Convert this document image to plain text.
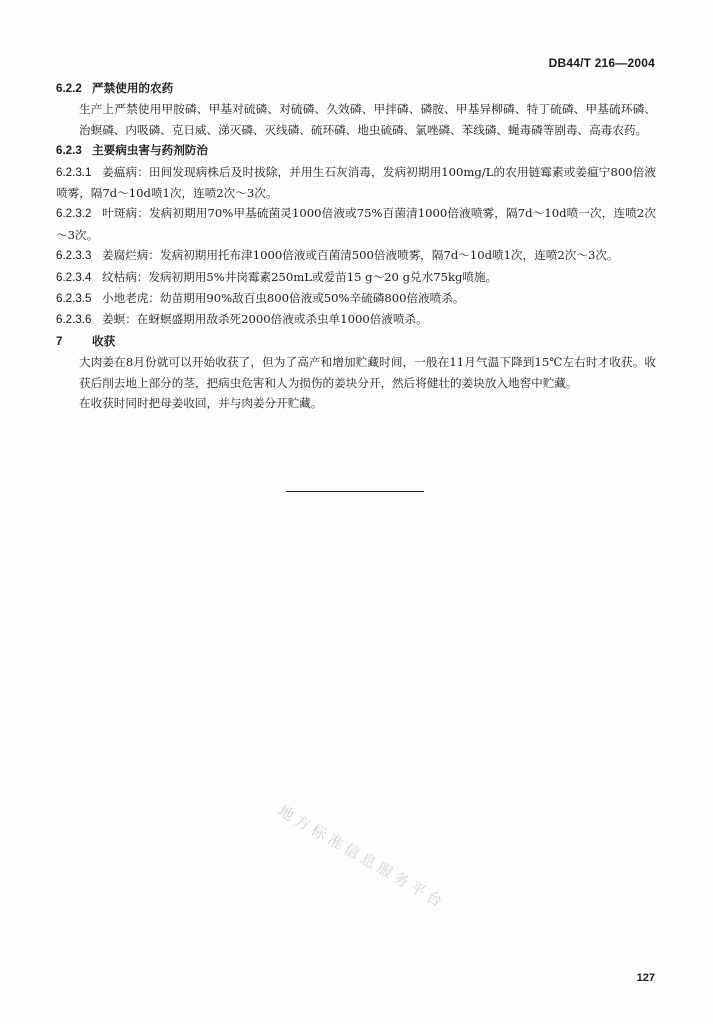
DB44/T 216—2004
6.2.2 严禁使用的农药
生产上严禁使用甲胺磷、甲基对硫磷、对硫磷、久效磷、甲拌磷、磷胺、甲基异柳磷、特丁硫磷、甲基硫环磷、治螟磷、内吸磷、克日威、涕灭磷、灭线磷、硫环磷、地虫硫磷、氯唑磷、苯线磷、蝇毒磷等剧毒、高毒农药。
6.2.3 主要病虫害与药剂防治
6.2.3.1 姜瘟病：田间发现病株后及时拔除，并用生石灰消毒，发病初期用100mg/L的农用链霉素或姜瘟宁800倍液喷雾，隔7d～10d喷1次，连喷2次～3次。
6.2.3.2 叶斑病：发病初期用70%甲基硫菌灵1000倍液或75%百菌清1000倍液喷雾，隔7d～10d喷一次，连喷2次～3次。
6.2.3.3 姜腐烂病：发病初期用托布津1000倍液或百菌清500倍液喷雾，隔7d～10d喷1次，连喷2次～3次。
6.2.3.4 纹枯病：发病初期用5%井岗霉素250mL或爱苗15 g～20 g兑水75kg喷施。
6.2.3.5 小地老虎：幼苗期用90%敌百虫800倍液或50%辛硫磷800倍液喷杀。
6.2.3.6 姜螟：在蚜螟盛期用敌杀死2000倍液或杀虫单1000倍液喷杀。
7	收获
大肉姜在8月份就可以开始收获了，但为了高产和增加贮藏时间，一般在11月气温下降到15℃左右时才收获。收获后削去地上部分的茎，把病虫危害和人为损伤的姜块分开，然后将健壮的姜块放入地窖中贮藏。
在收获时同时把母姜收回，并与肉姜分开贮藏。
地方标准信息服务平台
127
